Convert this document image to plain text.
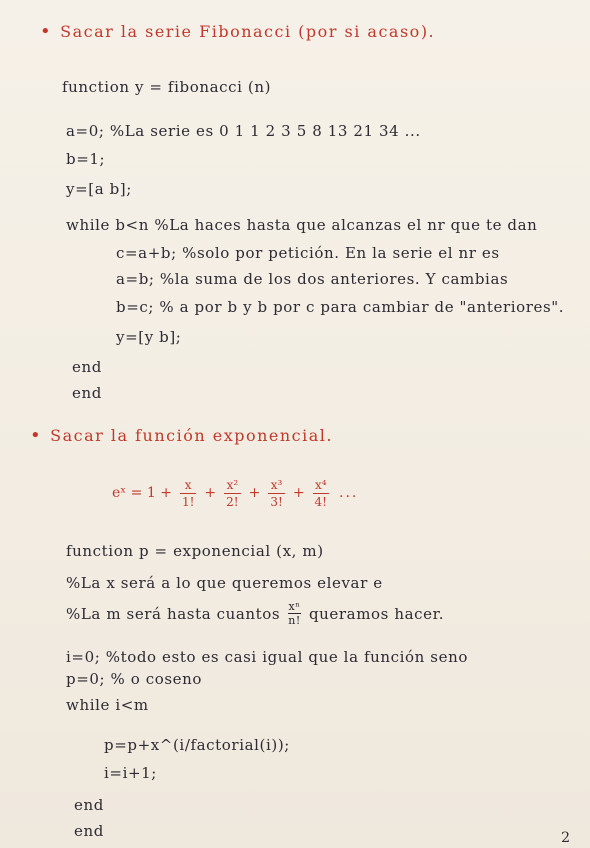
• Sacar la serie Fibonacci (por si acaso).
function y = fibonacci (n)
a=0; %La serie es 0 1 1 2 3 5 8 13 21 34 ...
b=1;
y=[a b];
while b<n %La haces hasta que alcanzas el nr que te dan
c=a+b; %solo por petición. En la serie el nr es
a=b; %la suma de los dos anteriores. Y cambias
b=c; % a por b y b por c para cambiar de "anteriores".
y=[y b];
end
end
• Sacar la función exponencial.
eˣ = $1 + \frac{x}{1!} + \frac{\text{x²}}{2!} + \frac{\text{x³}}{3!} + \frac{\text{x⁴}}{4!}$ ...
function p = exponencial (x, m)
%La x será a lo que queremos elevar e
%La m será hasta cuantos $\frac{\text{xⁿ}}{n!}$ queramos hacer.
i=0; %todo esto es casi igual que la función seno
p=0; % o coseno
while i<m
p=p+x^(i/factorial(i));
i=i+1;
end
end	2
